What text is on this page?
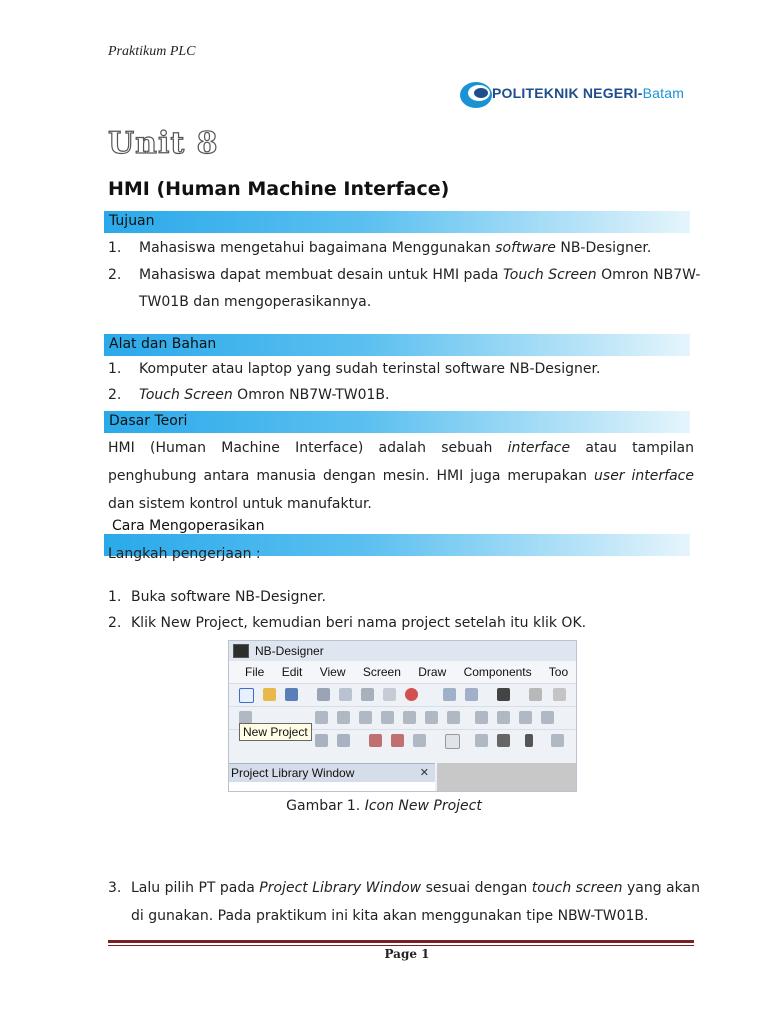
Praktikum PLC
POLITEKNIK NEGERI-Batam
Unit 8
HMI (Human Machine Interface)
Tujuan
1. Mahasiswa mengetahui bagaimana Menggunakan software NB-Designer.
2. Mahasiswa dapat membuat desain untuk HMI pada Touch Screen Omron NB7W-
TW01B dan mengoperasikannya.
Alat dan Bahan
1. Komputer atau laptop yang sudah terinstal software NB-Designer.
2. Touch Screen Omron NB7W-TW01B.
Dasar Teori
HMI (Human Machine Interface) adalah sebuah interface atau tampilan penghubung antara manusia dengan mesin. HMI juga merupakan user interface dan sistem kontrol untuk manufaktur.
Cara Mengoperasikan
Langkah pengerjaan :
1. Buka software NB-Designer.
2. Klik New Project, kemudian beri nama project setelah itu klik OK.
NB-Designer
File Edit View Screen Draw Components Too
New Project
Project Library Window	✕
Gambar 1. Icon New Project
3. Lalu pilih PT pada Project Library Window sesuai dengan touch screen yang akan
di gunakan. Pada praktikum ini kita akan menggunakan tipe NBW-TW01B.
Page 1
